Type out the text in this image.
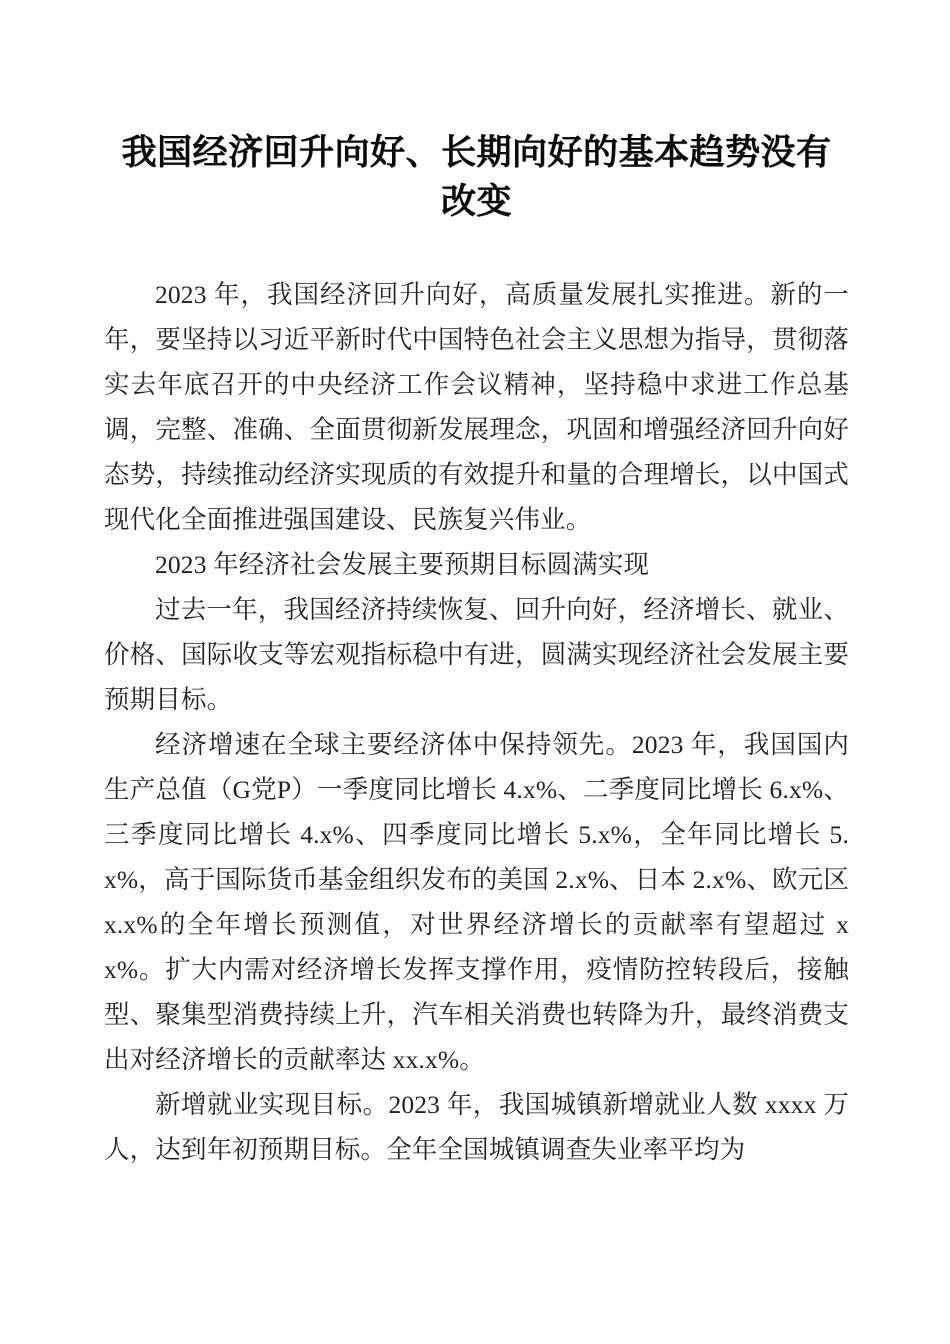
我国经济回升向好、长期向好的基本趋势没有改变

2023 年，我国经济回升向好，高质量发展扎实推进。新的一年，要坚持以习近平新时代中国特色社会主义思想为指导，贯彻落实去年底召开的中央经济工作会议精神，坚持稳中求进工作总基调，完整、准确、全面贯彻新发展理念，巩固和增强经济回升向好态势，持续推动经济实现质的有效提升和量的合理增长，以中国式现代化全面推进强国建设、民族复兴伟业。

2023 年经济社会发展主要预期目标圆满实现

过去一年，我国经济持续恢复、回升向好，经济增长、就业、价格、国际收支等宏观指标稳中有进，圆满实现经济社会发展主要预期目标。

经济增速在全球主要经济体中保持领先。2023 年，我国国内生产总值（G党P）一季度同比增长 4.x%、二季度同比增长 6.x%、三季度同比增长 4.x%、四季度同比增长 5.x%，全年同比增长 5.x%，高于国际货币基金组织发布的美国 2.x%、日本 2.x%、欧元区 x.x%的全年增长预测值，对世界经济增长的贡献率有望超过 xx%。扩大内需对经济增长发挥支撑作用，疫情防控转段后，接触型、聚集型消费持续上升，汽车相关消费也转降为升，最终消费支出对经济增长的贡献率达 xx.x%。

新增就业实现目标。2023 年，我国城镇新增就业人数 xxxx 万人，达到年初预期目标。全年全国城镇调查失业率平均为
